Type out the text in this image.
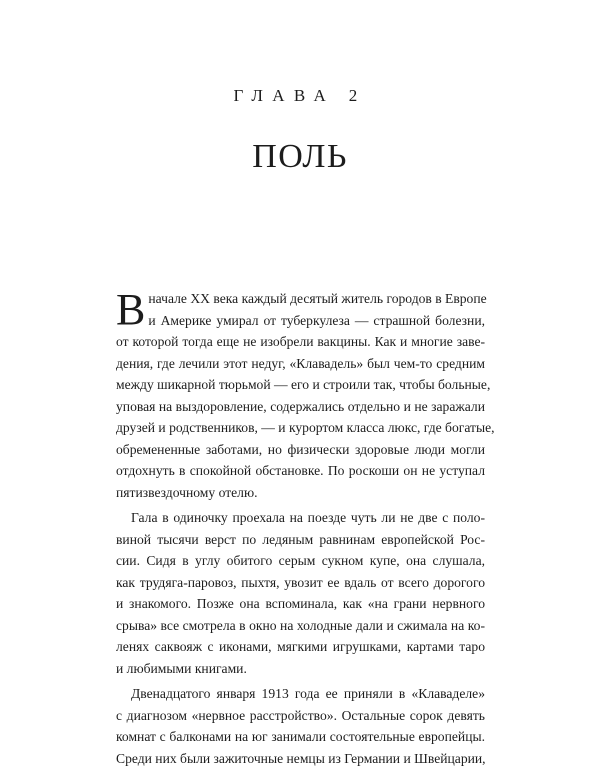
ГЛАВА 2
ПОЛЬ
В начале XX века каждый десятый житель городов в Европе
и Америке умирал от туберкулеза — страшной болезни,
от которой тогда еще не изобрели вакцины. Как и многие заве-
дения, где лечили этот недуг, «Клавадель» был чем-то средним
между шикарной тюрьмой — его и строили так, чтобы больные,
уповая на выздоровление, содержались отдельно и не заражали
друзей и родственников, — и курортом класса люкс, где богатые,
обремененные заботами, но физически здоровые люди могли
отдохнуть в спокойной обстановке. По роскоши он не уступал
пятизвездочному отелю.
Гала в одиночку проехала на поезде чуть ли не две с поло-
виной тысячи верст по ледяным равнинам европейской Рос-
сии. Сидя в углу обитого серым сукном купе, она слушала,
как трудяга-паровоз, пыхтя, увозит ее вдаль от всего дорогого
и знакомого. Позже она вспоминала, как «на грани нервного
срыва» все смотрела в окно на холодные дали и сжимала на ко-
ленях саквояж с иконами, мягкими игрушками, картами таро
и любимыми книгами.
Двенадцатого января 1913 года ее приняли в «Клаваделе»
с диагнозом «нервное расстройство». Остальные сорок девять
комнат с балконами на юг занимали состоятельные европейцы.
Среди них были зажиточные немцы из Германии и Швейцарии,
